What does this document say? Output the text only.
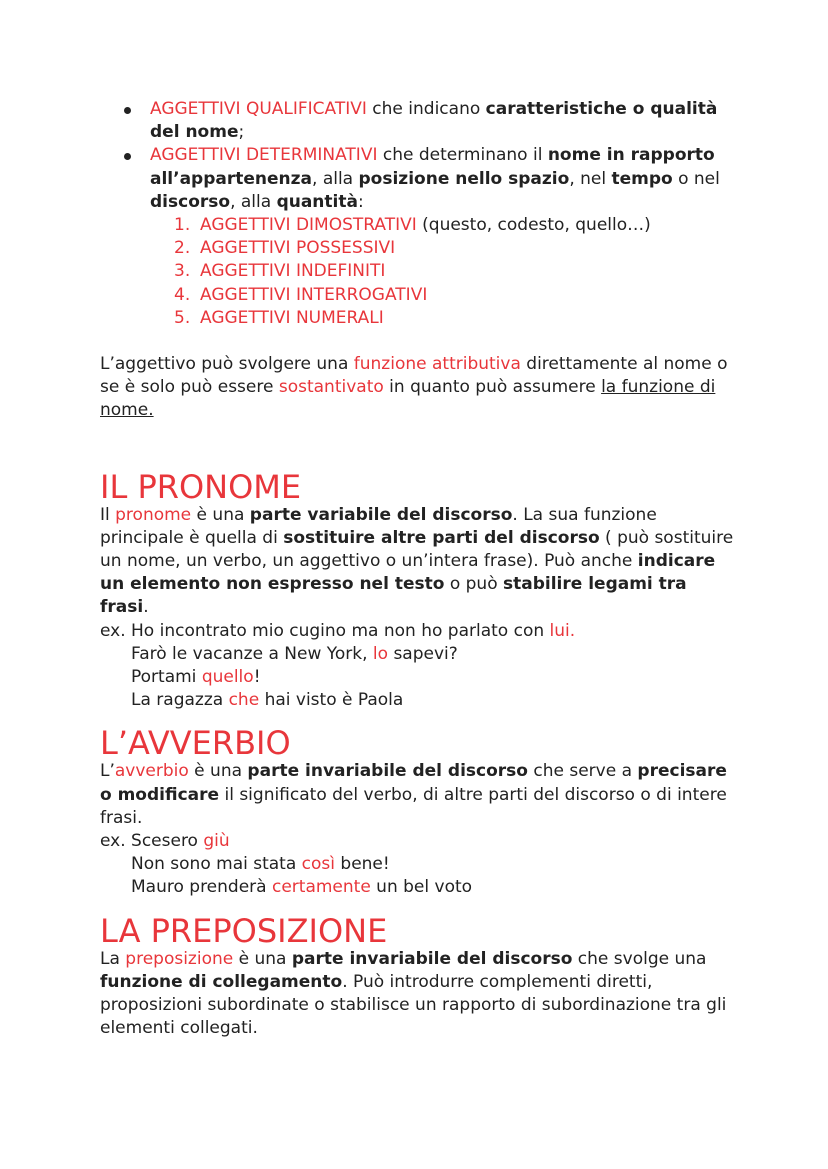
AGGETTIVI QUALIFICATIVI che indicano caratteristiche o qualità del nome;
AGGETTIVI DETERMINATIVI che determinano il nome in rapporto all’appartenenza, alla posizione nello spazio, nel tempo o nel discorso, alla quantità:
1. AGGETTIVI DIMOSTRATIVI (questo, codesto, quello…)
2. AGGETTIVI POSSESSIVI
3. AGGETTIVI INDEFINITI
4. AGGETTIVI INTERROGATIVI
5. AGGETTIVI NUMERALI

L’aggettivo può svolgere una funzione attributiva direttamente al nome o se è solo può essere sostantivato in quanto può assumere la funzione di nome.

IL PRONOME

Il pronome è una parte variabile del discorso. La sua funzione principale è quella di sostituire altre parti del discorso ( può sostituire un nome, un verbo, un aggettivo o un’intera frase). Può anche indicare un elemento non espresso nel testo o può stabilire legami tra frasi.

ex. Ho incontrato mio cugino ma non ho parlato con lui.

Farò le vacanze a New York, lo sapevi?

Portami quello!

La ragazza che hai visto è Paola

L’AVVERBIO

L’avverbio è una parte invariabile del discorso che serve a precisare o modificare il significato del verbo, di altre parti del discorso o di intere frasi.

ex. Scesero giù

Non sono mai stata così bene!

Mauro prenderà certamente un bel voto

LA PREPOSIZIONE

La preposizione è una parte invariabile del discorso che svolge una funzione di collegamento. Può introdurre complementi diretti, proposizioni subordinate o stabilisce un rapporto di subordinazione tra gli elementi collegati.
